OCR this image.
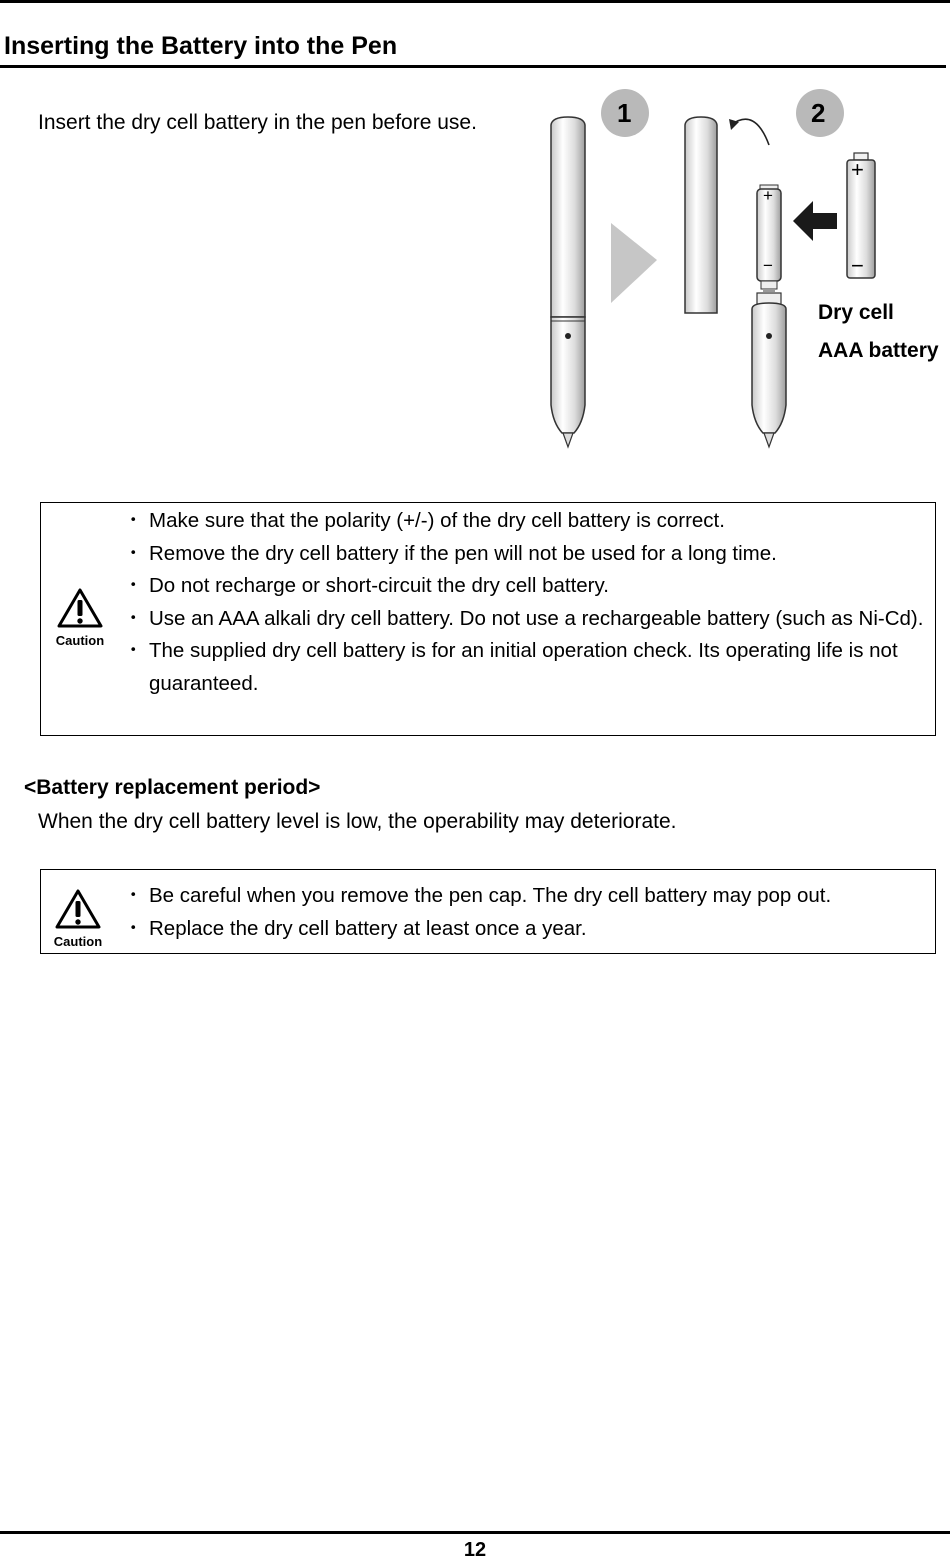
Inserting the Battery into the Pen

Insert the dry cell battery in the pen before use.	1	2
+
−
+
−
Dry cell
AAA battery
Caution
・ Make sure that the polarity (+/-) of the dry cell battery is correct.
・ Remove the dry cell battery if the pen will not be used for a long time.
・ Do not recharge or short-circuit the dry cell battery.
・ Use an AAA alkali dry cell battery. Do not use a rechargeable battery (such as Ni-Cd).
・ The supplied dry cell battery is for an initial operation check. Its operating life is not guaranteed.
<Battery replacement period>

When the dry cell battery level is low, the operability may deteriorate.

Caution
・ Be careful when you remove the pen cap. The dry cell battery may pop out.
・ Replace the dry cell battery at least once a year.
12
